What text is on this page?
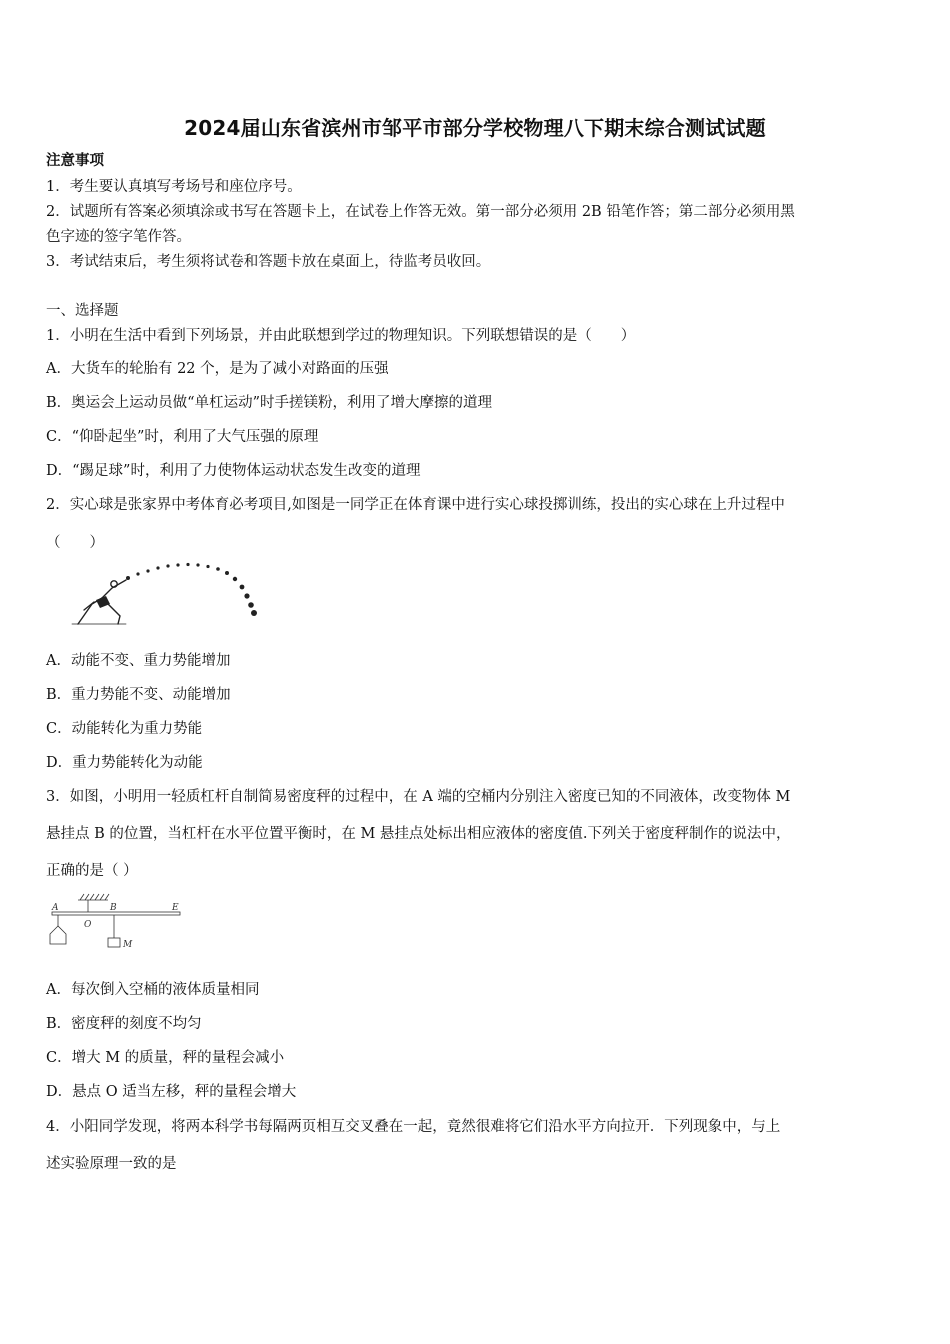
2024届山东省滨州市邹平市部分学校物理八下期末综合测试试题
注意事项
1．考生要认真填写考场号和座位序号。
2．试题所有答案必须填涂或书写在答题卡上，在试卷上作答无效。第一部分必须用 2B 铅笔作答；第二部分必须用黑
色字迹的签字笔作答。
3．考试结束后，考生须将试卷和答题卡放在桌面上，待监考员收回。
一、选择题
1．小明在生活中看到下列场景，并由此联想到学过的物理知识。下列联想错误的是（　　）
A．大货车的轮胎有 22 个，是为了减小对路面的压强
B．奥运会上运动员做“单杠运动”时手搓镁粉，利用了增大摩擦的道理
C．“仰卧起坐”时，利用了大气压强的原理
D．“踢足球”时，利用了力使物体运动状态发生改变的道理
2．实心球是张家界中考体育必考项目,如图是一同学正在体育课中进行实心球投掷训练，投出的实心球在上升过程中
（　　）
A．动能不变、重力势能增加
B．重力势能不变、动能增加
C．动能转化为重力势能
D．重力势能转化为动能
3．如图，小明用一轻质杠杆自制简易密度秤的过程中，在 A 端的空桶内分别注入密度已知的不同液体，改变物体 M
悬挂点 B 的位置，当杠杆在水平位置平衡时，在 M 悬挂点处标出相应液体的密度值.下列关于密度秤制作的说法中，
正确的是（ ）
A
O
B	E
M
A．每次倒入空桶的液体质量相同
B．密度秤的刻度不均匀
C．增大 M 的质量，秤的量程会减小
D．悬点 O 适当左移，秤的量程会增大
4．小阳同学发现，将两本科学书每隔两页相互交叉叠在一起，竟然很难将它们沿水平方向拉开．下列现象中，与上
述实验原理一致的是
